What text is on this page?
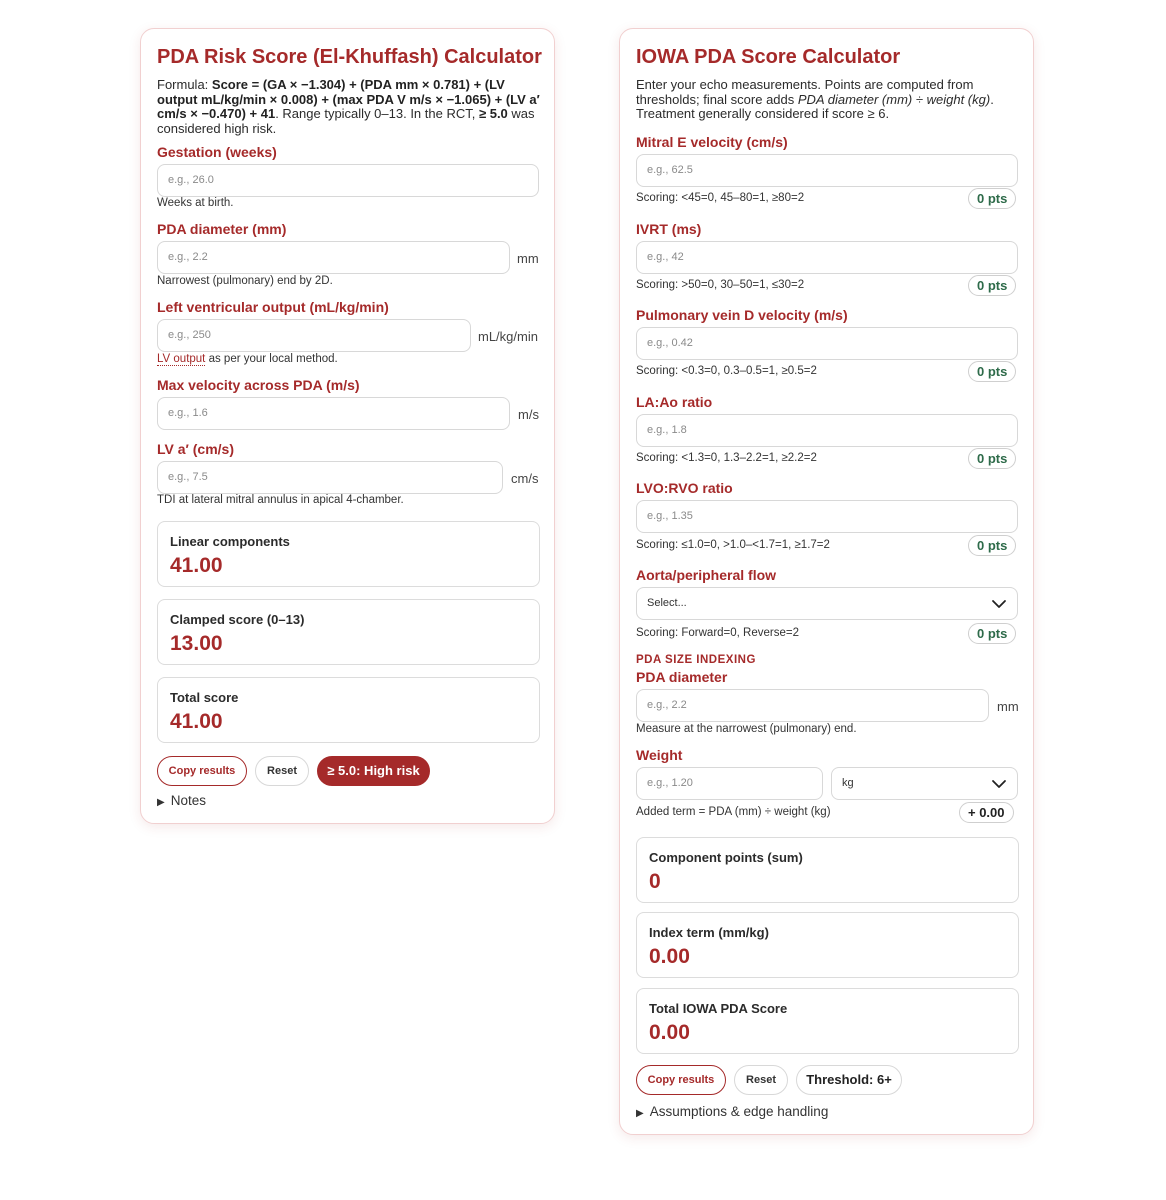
PDA Risk Score (El-Khuffash) Calculator
Formula: Score = (GA × −1.304) + (PDA mm × 0.781) + (LV output mL/kg/min × 0.008) + (max PDA V m/s × −1.065) + (LV a′ cm/s × −0.470) + 41. Range typically 0–13. In the RCT, ≥ 5.0 was considered high risk.
Gestation (weeks)
e.g., 26.0
Weeks at birth.
PDA diameter (mm)
e.g., 2.2	mm
Narrowest (pulmonary) end by 2D.
Left ventricular output (mL/kg/min)
e.g., 250	mL/kg/min
LV output as per your local method.
Max velocity across PDA (m/s)
e.g., 1.6	m/s
LV a′ (cm/s)
e.g., 7.5	cm/s
TDI at lateral mitral annulus in apical 4-chamber.
Linear components
41.00
Clamped score (0–13)
13.00
Total score
41.00
Copy results	Reset	≥ 5.0: High risk
▶ Notes
IOWA PDA Score Calculator
Enter your echo measurements. Points are computed from thresholds; final score adds PDA diameter (mm) ÷ weight (kg). Treatment generally considered if score ≥ 6.
Mitral E velocity (cm/s)
e.g., 62.5
Scoring: <45=0, 45–80=1, ≥80=2	0 pts
IVRT (ms)
e.g., 42
Scoring: >50=0, 30–50=1, ≤30=2	0 pts
Pulmonary vein D velocity (m/s)
e.g., 0.42
Scoring: <0.3=0, 0.3–0.5=1, ≥0.5=2	0 pts
LA:Ao ratio
e.g., 1.8
Scoring: <1.3=0, 1.3–2.2=1, ≥2.2=2	0 pts
LVO:RVO ratio
e.g., 1.35
Scoring: ≤1.0=0, >1.0–<1.7=1, ≥1.7=2	0 pts
Aorta/peripheral flow
Select...
Scoring: Forward=0, Reverse=2	0 pts
PDA SIZE INDEXING
PDA diameter
e.g., 2.2	mm
Measure at the narrowest (pulmonary) end.
Weight
e.g., 1.20	kg
Added term = PDA (mm) ÷ weight (kg)	+ 0.00
Component points (sum)
0
Index term (mm/kg)
0.00
Total IOWA PDA Score
0.00
Copy results	Reset	Threshold: 6+
▶ Assumptions & edge handling
